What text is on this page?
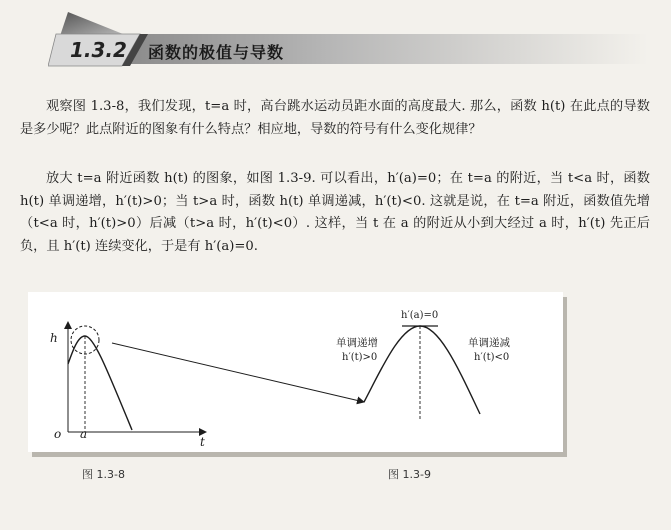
1.3.2 函数的极值与导数

观察图 1.3-8，我们发现，t=a 时，高台跳水运动员距水面的高度最大. 那么，函数 h(t) 在此点的导数是多少呢？此点附近的图象有什么特点？相应地，导数的符号有什么变化规律？

放大 t=a 附近函数 h(t) 的图象，如图 1.3-9. 可以看出，h′(a)=0；在 t=a 的附近，当 t<a 时，函数 h(t) 单调递增，h′(t)>0；当 t>a 时，函数 h(t) 单调递减，h′(t)<0. 这就是说，在 t=a 附近，函数值先增（t<a 时，h′(t)>0）后减（t>a 时，h′(t)<0）. 这样，当 t 在 a 的附近从小到大经过 a 时，h′(t) 先正后负，且 h′(t) 连续变化，于是有 h′(a)=0.

h
t
o a
h′(a)=0
单调递增
h′(t)>0
单调递减
h′(t)<0
图 1.3-8	图 1.3-9
